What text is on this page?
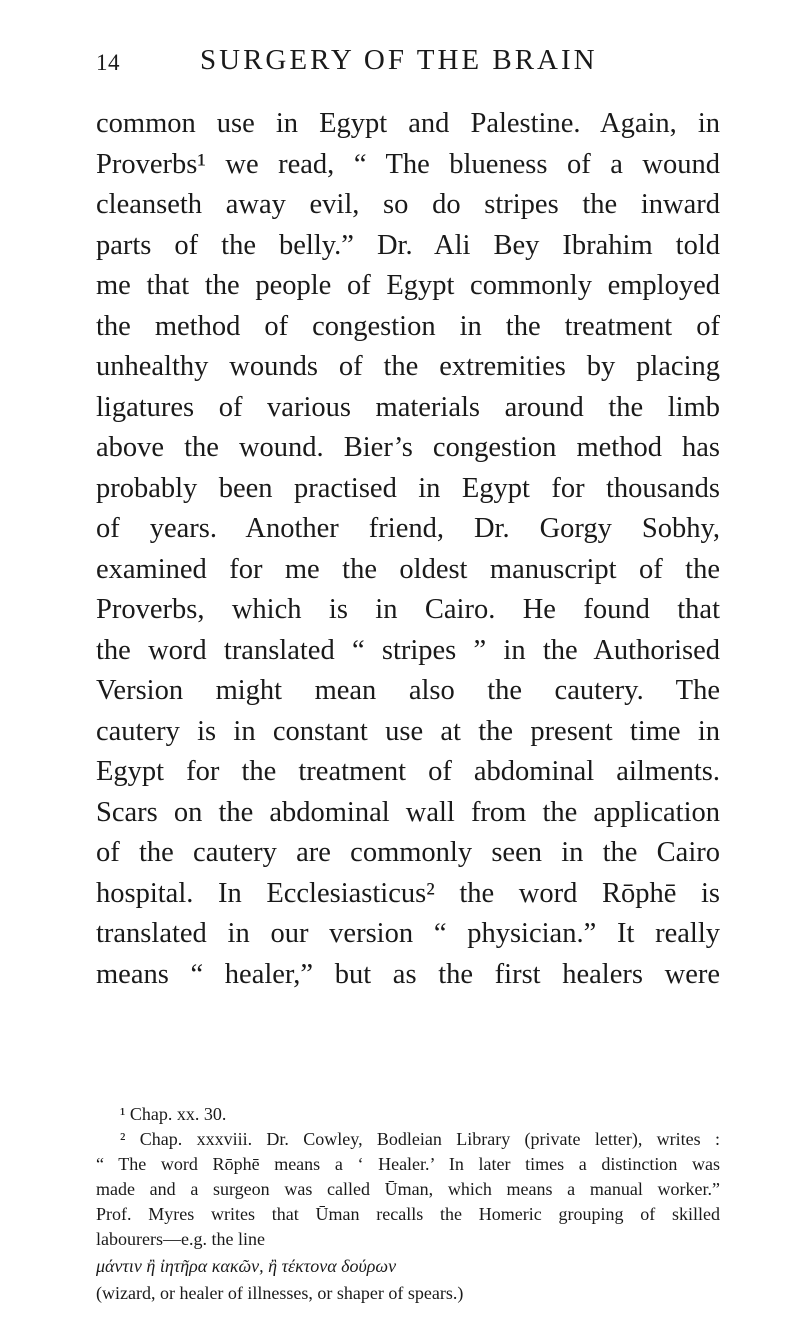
14	SURGERY OF THE BRAIN
common use in Egypt and Palestine. Again, in
Proverbs¹ we read, “ The blueness of a wound
cleanseth away evil, so do stripes the inward
parts of the belly.” Dr. Ali Bey Ibrahim told
me that the people of Egypt commonly employed
the method of congestion in the treatment of
unhealthy wounds of the extremities by placing
ligatures of various materials around the limb
above the wound. Bier’s congestion method has
probably been practised in Egypt for thousands
of years. Another friend, Dr. Gorgy Sobhy,
examined for me the oldest manuscript of the
Proverbs, which is in Cairo. He found that
the word translated “ stripes ” in the Authorised
Version might mean also the cautery. The
cautery is in constant use at the present time in
Egypt for the treatment of abdominal ailments.
Scars on the abdominal wall from the application
of the cautery are commonly seen in the Cairo
hospital. In Ecclesiasticus² the word Rōphē is
translated in our version “ physician.” It really
means “ healer,” but as the first healers were
¹ Chap. xx. 30.
² Chap. xxxviii. Dr. Cowley, Bodleian Library (private letter), writes :
“ The word Rōphē means a ‘ Healer.’ In later times a distinction was
made and a surgeon was called Ūman, which means a manual worker.”
Prof. Myres writes that Ūman recalls the Homeric grouping of skilled
labourers—e.g. the line
μάντιν ἢ ἰητῆρα κακῶν, ἢ τέκτονα δούρων
(wizard, or healer of illnesses, or shaper of spears.)
